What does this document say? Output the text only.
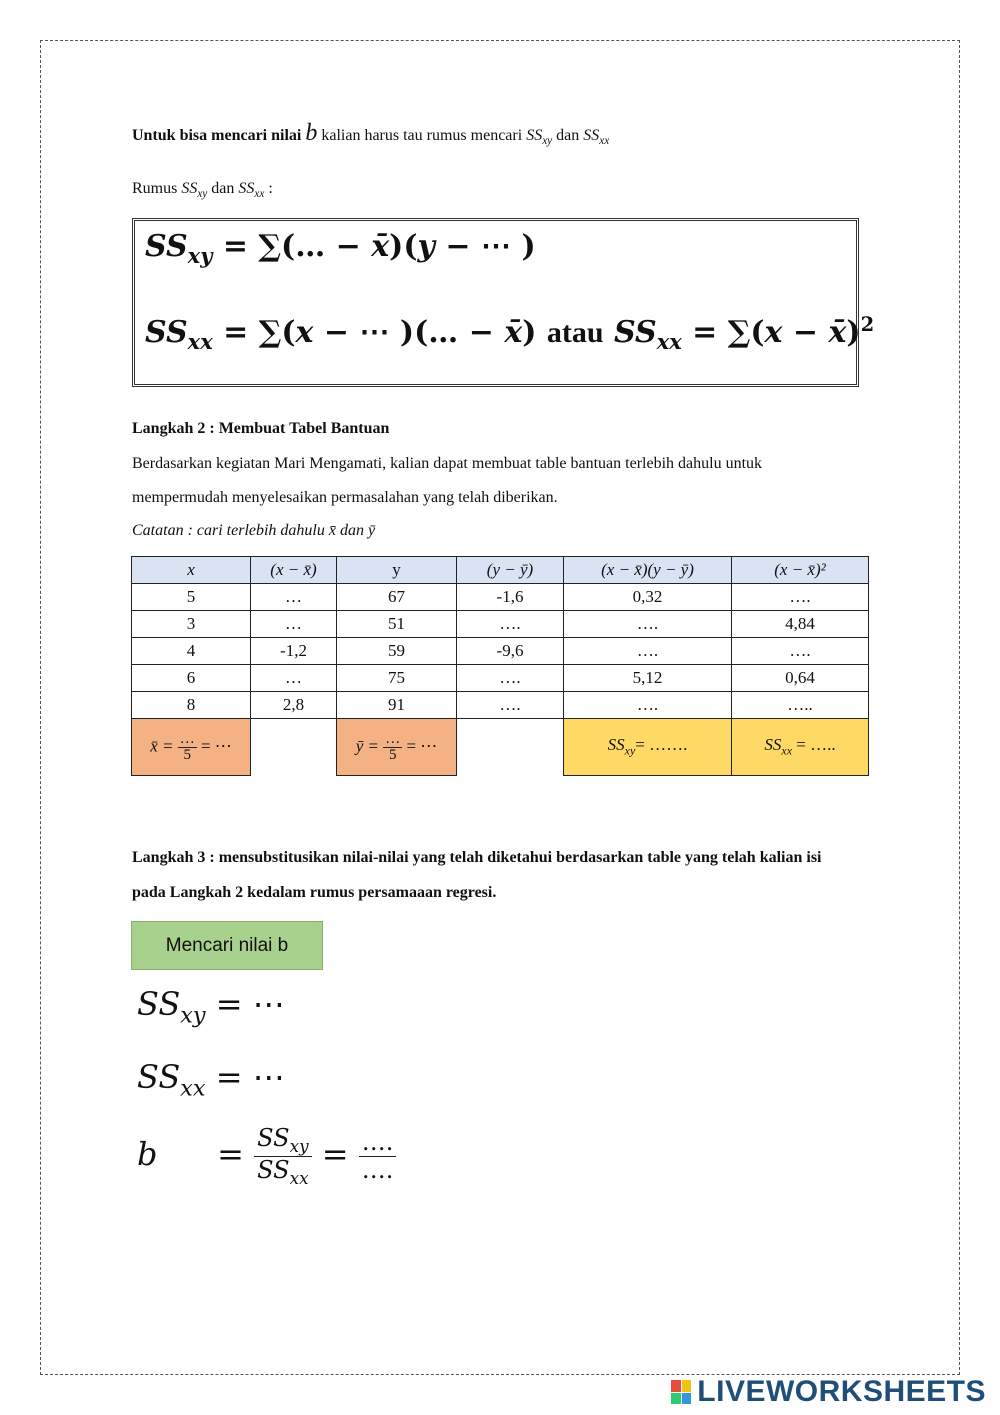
Untuk bisa mencari nilai b kalian harus tau rumus mencari $SS_{xy}$ dan $SS_{xx}$
Rumus $SS_{xy}$ dan $SS_{xx}$ :
$SS_{xy}$ = ∑(… − x̄)(y − ⋯ )
$SS_{xx} = \sum(x$ − ⋯ )(… − x̄) atau $SS_{xx} = \sum(x$ − x̄)$^2$
Langkah 2 : Membuat Tabel Bantuan
Berdasarkan kegiatan Mari Mengamati, kalian dapat membuat table bantuan terlebih dahulu untuk
mempermudah menyelesaikan permasalahan yang telah diberikan.
Catatan : cari terlebih dahulu x̄ dan ȳ
x	(x − x̄)	y	(y − ȳ)	(x − x̄)(y − ȳ)	(x − x̄)²
5	…	67	-1,6	0,32	….
3	…	51	….	….	4,84
4	-1,2	59	-9,6	….	….
6	…	75	….	5,12	0,64
8	2,8	91	….	….	…..
x̄ = $\frac{\dots}{5}$ = ⋯		ȳ = $\frac{\dots}{5}$ = ⋯		$SS_{xy}=$ …….	$SS_{xx}$ = …..
Langkah 3 : mensubstitusikan nilai-nilai yang telah diketahui berdasarkan table yang telah kalian isi
pada Langkah 2 kedalam rumus persamaaan regresi.
Mencari nilai b
$SS_{xy}$ = ⋯
$SS_{xx}$ = ⋯
$b = SS_{xy}$
$SS_{xx}$
= ….
….
LIVEWORKSHEETS
